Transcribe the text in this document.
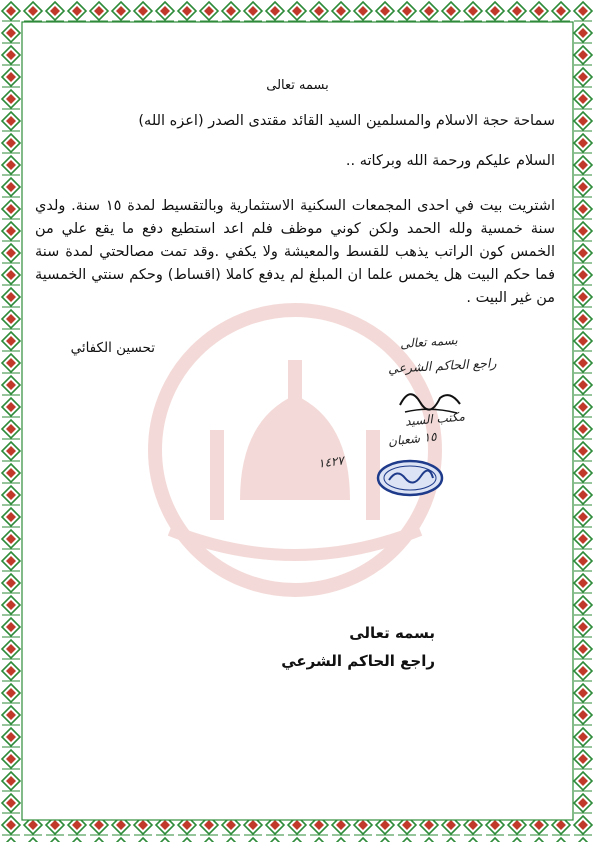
بسمه تعالى
سماحة حجة الاسلام والمسلمين السيد القائد مقتدى الصدر (اعزه الله)
السلام عليكم ورحمة الله وبركاته ..
اشتريت بيت في احدى المجمعات السكنية الاستثمارية وبالتقسيط لمدة ١٥ سنة. ولدي سنة خمسية ولله الحمد ولكن كوني موظف فلم اعد استطيع دفع ما يقع علي من الخمس كون الراتب يذهب للقسط والمعيشة ولا يكفي .وقد تمت مصالحتي لمدة سنة فما حكم البيت هل يخمس علما ان المبلغ لم يدفع كاملا (اقساط) وحكم سنتي الخمسية من غير البيت .
تحسين الكفائي	بسمه تعالى
راجع الحاكم الشرعي
مكتب السيد
١٥ شعبان
١٤٢٧
بسمه تعالى
راجع الحاكم الشرعي
